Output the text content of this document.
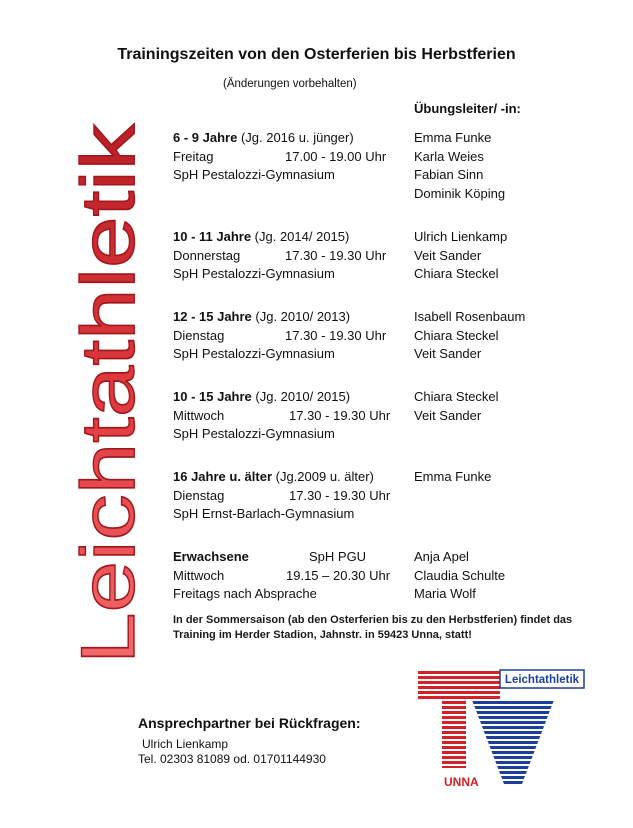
Trainingszeiten von den Osterferien bis Herbstferien
(Änderungen vorbehalten)
Übungsleiter/ -in:
Leichtathletik
6 - 9 Jahre (Jg. 2016 u. jünger)
Freitag	17.00 - 19.00 Uhr
SpH Pestalozzi-Gymnasium
Emma Funke
Karla Weies
Fabian Sinn
Dominik Köping
10 - 11 Jahre (Jg. 2014/ 2015)
Donnerstag	17.30 - 19.30 Uhr
SpH Pestalozzi-Gymnasium
Ulrich Lienkamp
Veit Sander
Chiara Steckel
12 - 15 Jahre (Jg. 2010/ 2013)
Dienstag	17.30 - 19.30 Uhr
SpH Pestalozzi-Gymnasium
Isabell Rosenbaum
Chiara Steckel
Veit Sander
10 - 15 Jahre (Jg. 2010/ 2015)
Mittwoch	17.30 - 19.30 Uhr
SpH Pestalozzi-Gymnasium
Chiara Steckel
Veit Sander
16 Jahre u. älter (Jg.2009 u. älter)
Dienstag	17.30 - 19.30 Uhr
SpH Ernst-Barlach-Gymnasium
Emma Funke
Erwachsene	SpH PGU
Mittwoch	19.15 – 20.30 Uhr
Freitags nach Absprache
Anja Apel
Claudia Schulte
Maria Wolf
In der Sommersaison (ab den Osterferien bis zu den Herbstferien) findet das Training im Herder Stadion, Jahnstr. in 59423 Unna, statt!
Ansprechpartner bei Rückfragen:
Ulrich Lienkamp
Tel. 02303 81089 od. 01701144930
Leichtathletik
UNNA
